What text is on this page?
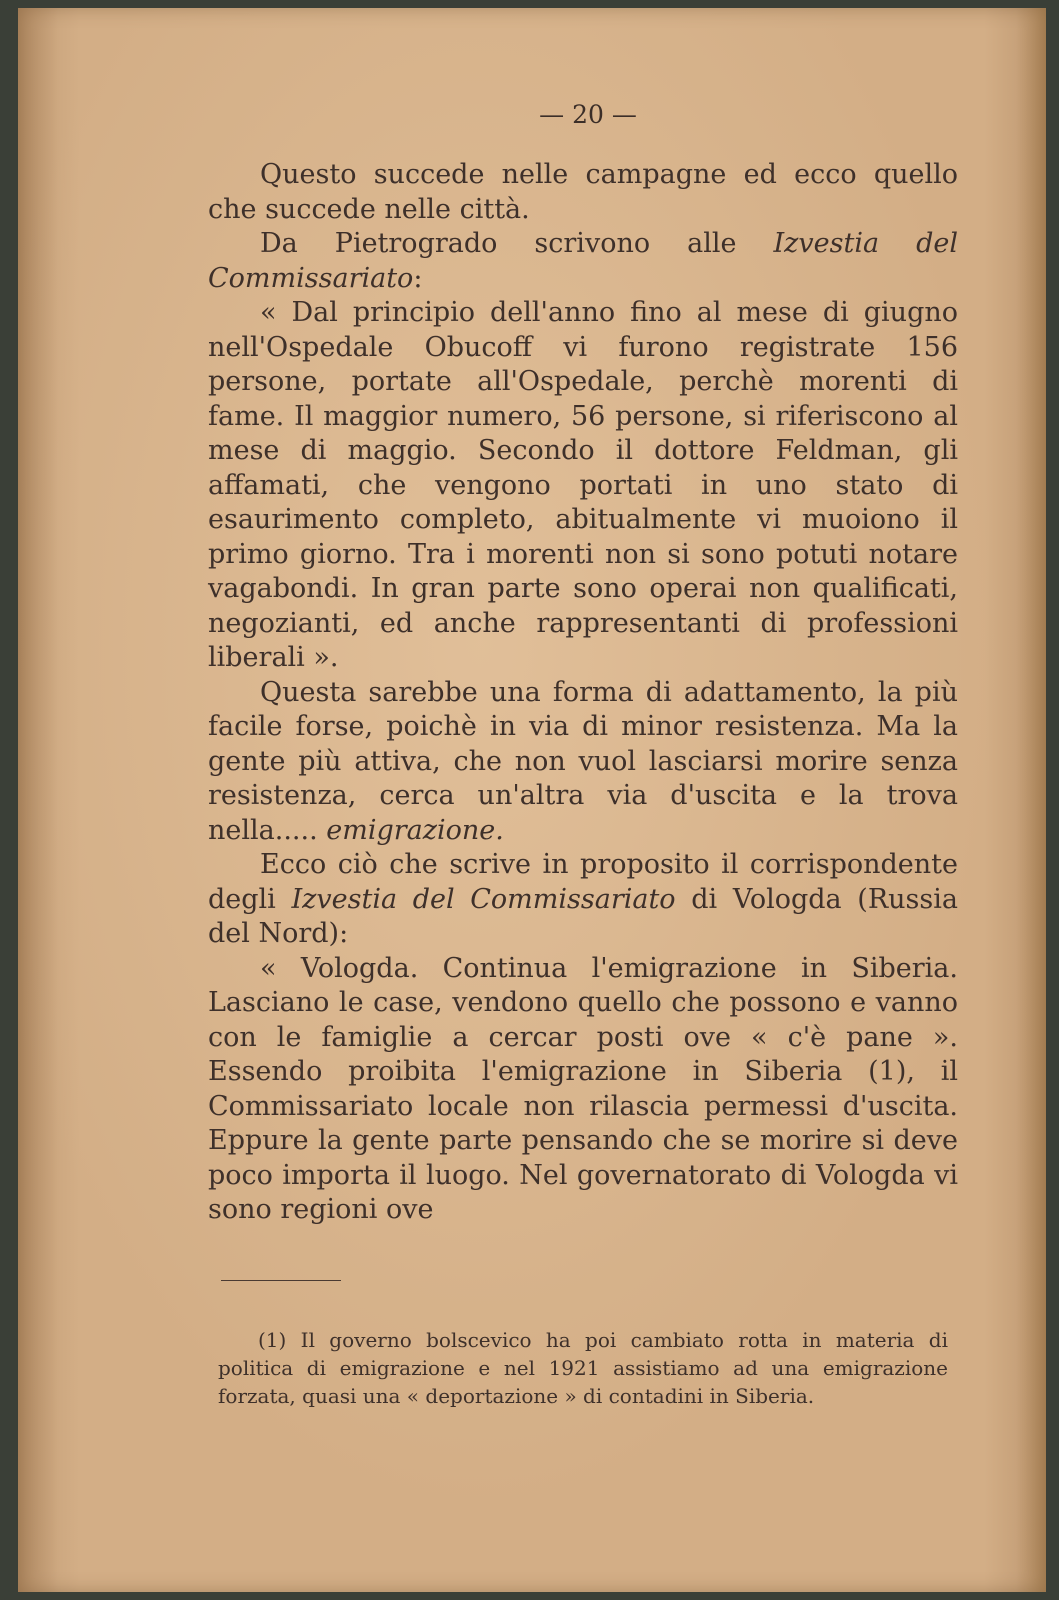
— 20 —

Questo succede nelle campagne ed ecco quello che succede nelle città.

Da Pietrogrado scrivono alle Izvestia del Commissariato:

« Dal principio dell'anno fino al mese di giugno nell'Ospedale Obucoff vi furono registrate 156 persone, portate all'Ospedale, perchè morenti di fame. Il maggior numero, 56 persone, si riferiscono al mese di maggio. Secondo il dottore Feldman, gli affamati, che vengono portati in uno stato di esaurimento completo, abitualmente vi muoiono il primo giorno. Tra i morenti non si sono potuti notare vagabondi. In gran parte sono operai non qualificati, negozianti, ed anche rappresentanti di professioni liberali ».

Questa sarebbe una forma di adattamento, la più facile forse, poichè in via di minor resistenza. Ma la gente più attiva, che non vuol lasciarsi morire senza resistenza, cerca un'altra via d'uscita e la trova nella..... emigrazione.

Ecco ciò che scrive in proposito il corrispondente degli Izvestia del Commissariato di Vologda (Russia del Nord):

« Vologda. Continua l'emigrazione in Siberia. Lasciano le case, vendono quello che possono e vanno con le famiglie a cercar posti ove « c'è pane ». Essendo proibita l'emigrazione in Siberia (1), il Commissariato locale non rilascia permessi d'uscita. Eppure la gente parte pensando che se morire si deve poco importa il luogo. Nel governatorato di Vologda vi sono regioni ove

(1) Il governo bolscevico ha poi cambiato rotta in materia di politica di emigrazione e nel 1921 assistiamo ad una emigrazione forzata, quasi una « deportazione » di contadini in Siberia.
